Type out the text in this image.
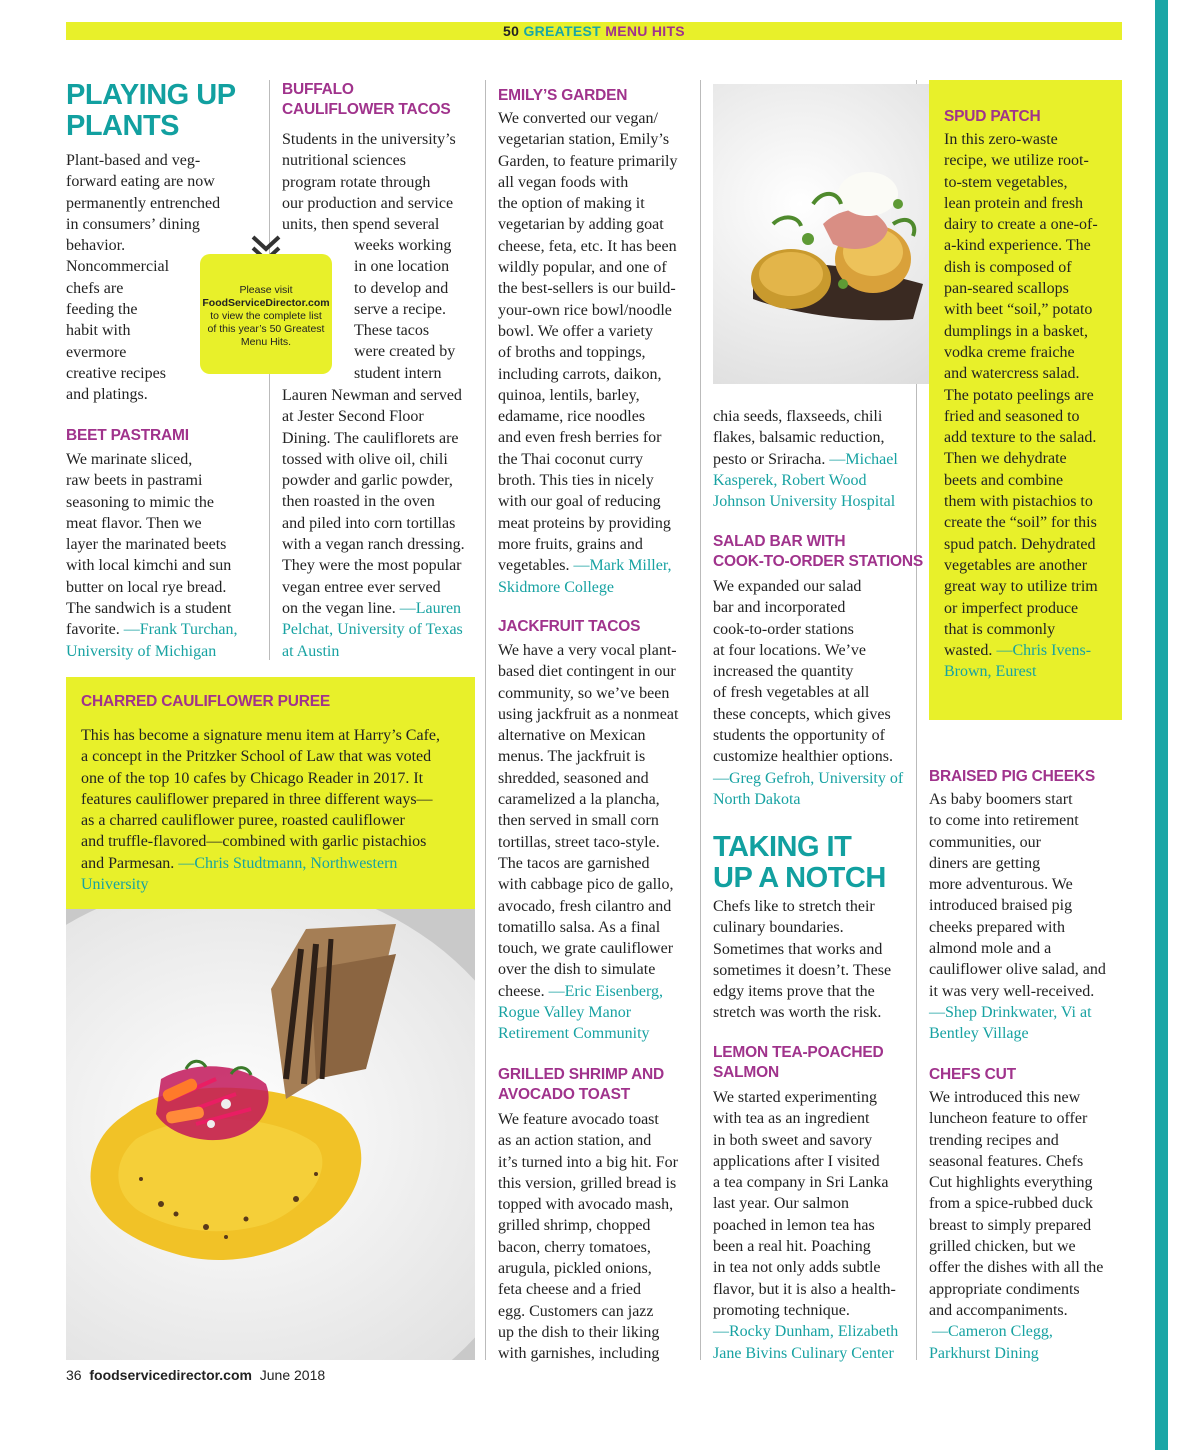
50 GREATEST MENU HITS
PLAYING UP
PLANTS

Plant-based and veg-

forward eating are now

permanently entrenched

in consumers’ dining

behavior.

Noncommercial

chefs are

feeding the

habit with

evermore

creative recipes

and platings.

BEET PASTRAMI

We marinate sliced,

raw beets in pastrami

seasoning to mimic the

meat flavor. Then we

layer the marinated beets

with local kimchi and sun

butter on local rye bread.

The sandwich is a student

favorite. —Frank Turchan,

University of Michigan

BUFFALO
CAULIFLOWER TACOS

Students in the university’s

nutritional sciences

program rotate through

our production and service

units, then spend several

weeks working

in one location

to develop and

serve a recipe.

These tacos

were created by

student intern

Lauren Newman and served

at Jester Second Floor

Dining. The cauliflorets are

tossed with olive oil, chili

powder and garlic powder,

then roasted in the oven

and piled into corn tortillas

with a vegan ranch dressing.

They were the most popular

vegan entree ever served

on the vegan line. —Lauren

Pelchat, University of Texas

at Austin

Please visit
FoodServiceDirector.com
to view the complete list
of this year’s 50 Greatest
Menu Hits.
CHARRED CAULIFLOWER PUREE

This has become a signature menu item at Harry’s Cafe,

a concept in the Pritzker School of Law that was voted

one of the top 10 cafes by Chicago Reader in 2017. It

features cauliflower prepared in three different ways—

as a charred cauliflower puree, roasted cauliflower

and truffle-flavored—combined with garlic pistachios

and Parmesan. —Chris Studtmann, Northwestern

University

EMILY’S GARDEN

We converted our vegan/

vegetarian station, Emily’s

Garden, to feature primarily

all vegan foods with

the option of making it

vegetarian by adding goat

cheese, feta, etc. It has been

wildly popular, and one of

the best-sellers is our build-

your-own rice bowl/noodle

bowl. We offer a variety

of broths and toppings,

including carrots, daikon,

quinoa, lentils, barley,

edamame, rice noodles

and even fresh berries for

the Thai coconut curry

broth. This ties in nicely

with our goal of reducing

meat proteins by providing

more fruits, grains and

vegetables. —Mark Miller,

Skidmore College

JACKFRUIT TACOS

We have a very vocal plant-

based diet contingent in our

community, so we’ve been

using jackfruit as a nonmeat

alternative on Mexican

menus. The jackfruit is

shredded, seasoned and

caramelized a la plancha,

then served in small corn

tortillas, street taco-style.

The tacos are garnished

with cabbage pico de gallo,

avocado, fresh cilantro and

tomatillo salsa. As a final

touch, we grate cauliflower

over the dish to simulate

cheese. —Eric Eisenberg,

Rogue Valley Manor

Retirement Community

GRILLED SHRIMP AND
AVOCADO TOAST

We feature avocado toast

as an action station, and

it’s turned into a big hit. For

this version, grilled bread is

topped with avocado mash,

grilled shrimp, chopped

bacon, cherry tomatoes,

arugula, pickled onions,

feta cheese and a fried

egg. Customers can jazz

up the dish to their liking

with garnishes, including

chia seeds, flaxseeds, chili

flakes, balsamic reduction,

pesto or Sriracha. —Michael

Kasperek, Robert Wood

Johnson University Hospital

SALAD BAR WITH
COOK-TO-ORDER STATIONS

We expanded our salad

bar and incorporated

cook-to-order stations

at four locations. We’ve

increased the quantity

of fresh vegetables at all

these concepts, which gives

students the opportunity of

customize healthier options.

—Greg Gefroh, University of

North Dakota

TAKING IT
UP A NOTCH

Chefs like to stretch their

culinary boundaries.

Sometimes that works and

sometimes it doesn’t. These

edgy items prove that the

stretch was worth the risk.

LEMON TEA-POACHED
SALMON

We started experimenting

with tea as an ingredient

in both sweet and savory

applications after I visited

a tea company in Sri Lanka

last year. Our salmon

poached in lemon tea has

been a real hit. Poaching

in tea not only adds subtle

flavor, but it is also a health-

promoting technique.

—Rocky Dunham, Elizabeth

Jane Bivins Culinary Center

SPUD PATCH

In this zero-waste

recipe, we utilize root-

to-stem vegetables,

lean protein and fresh

dairy to create a one-of-

a-kind experience. The

dish is composed of

pan-seared scallops

with beet “soil,” potato

dumplings in a basket,

vodka creme fraiche

and watercress salad.

The potato peelings are

fried and seasoned to

add texture to the salad.

Then we dehydrate

beets and combine

them with pistachios to

create the “soil” for this

spud patch. Dehydrated

vegetables are another

great way to utilize trim

or imperfect produce

that is commonly

wasted. —Chris Ivens-

Brown, Eurest

BRAISED PIG CHEEKS

As baby boomers start

to come into retirement

communities, our

diners are getting

more adventurous. We

introduced braised pig

cheeks prepared with

almond mole and a

cauliflower olive salad, and

it was very well-received.

—Shep Drinkwater, Vi at

Bentley Village

CHEFS CUT

We introduced this new

luncheon feature to offer

trending recipes and

seasonal features. Chefs

Cut highlights everything

from a spice-rubbed duck

breast to simply prepared

grilled chicken, but we

offer the dishes with all the

appropriate condiments

and accompaniments.

—Cameron Clegg,

Parkhurst Dining

36 foodservicedirector.com June 2018
